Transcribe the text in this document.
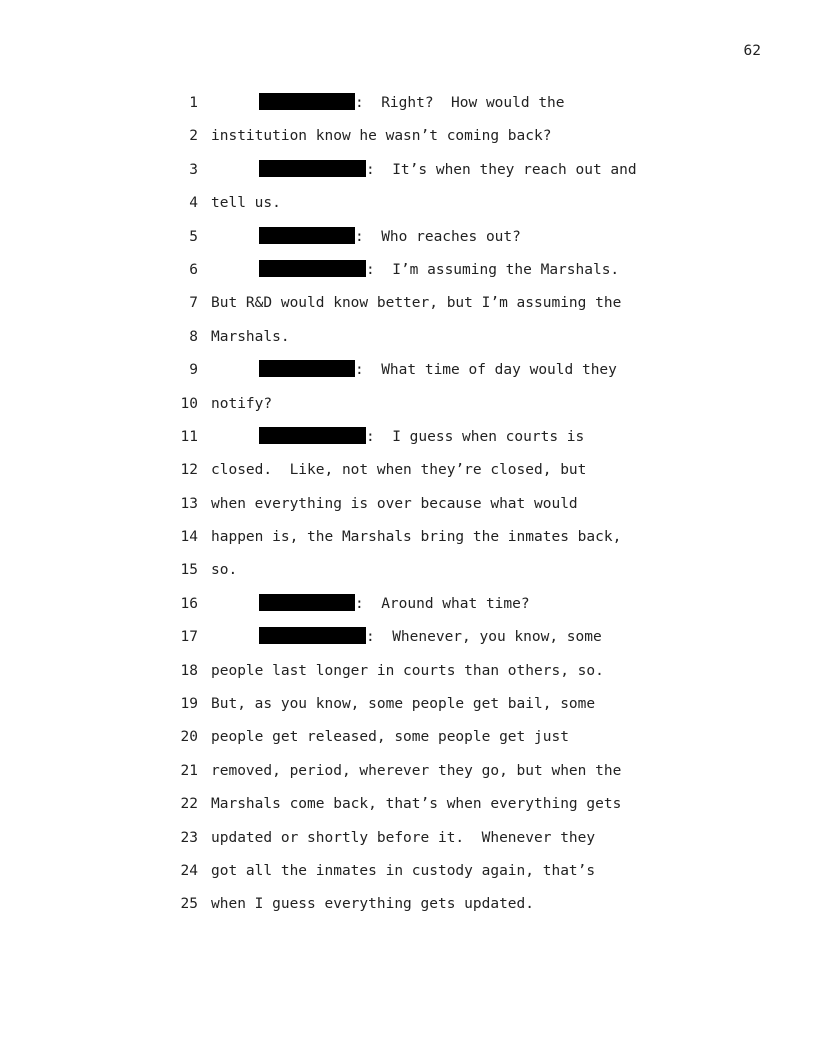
62
1	:  Right?  How would the
2 institution know he wasn’t coming back?
3	:  It’s when they reach out and
4 tell us.
5	:  Who reaches out?
6	:  I’m assuming the Marshals.
7 But R&D would know better, but I’m assuming the
8 Marshals.
9	:  What time of day would they
10 notify?
11	:  I guess when courts is
12 closed.  Like, not when they’re closed, but
13 when everything is over because what would
14 happen is, the Marshals bring the inmates back,
15 so.
16	:  Around what time?
17	:  Whenever, you know, some
18 people last longer in courts than others, so.
19 But, as you know, some people get bail, some
20 people get released, some people get just
21 removed, period, wherever they go, but when the
22 Marshals come back, that’s when everything gets
23 updated or shortly before it.  Whenever they
24 got all the inmates in custody again, that’s
25 when I guess everything gets updated.
